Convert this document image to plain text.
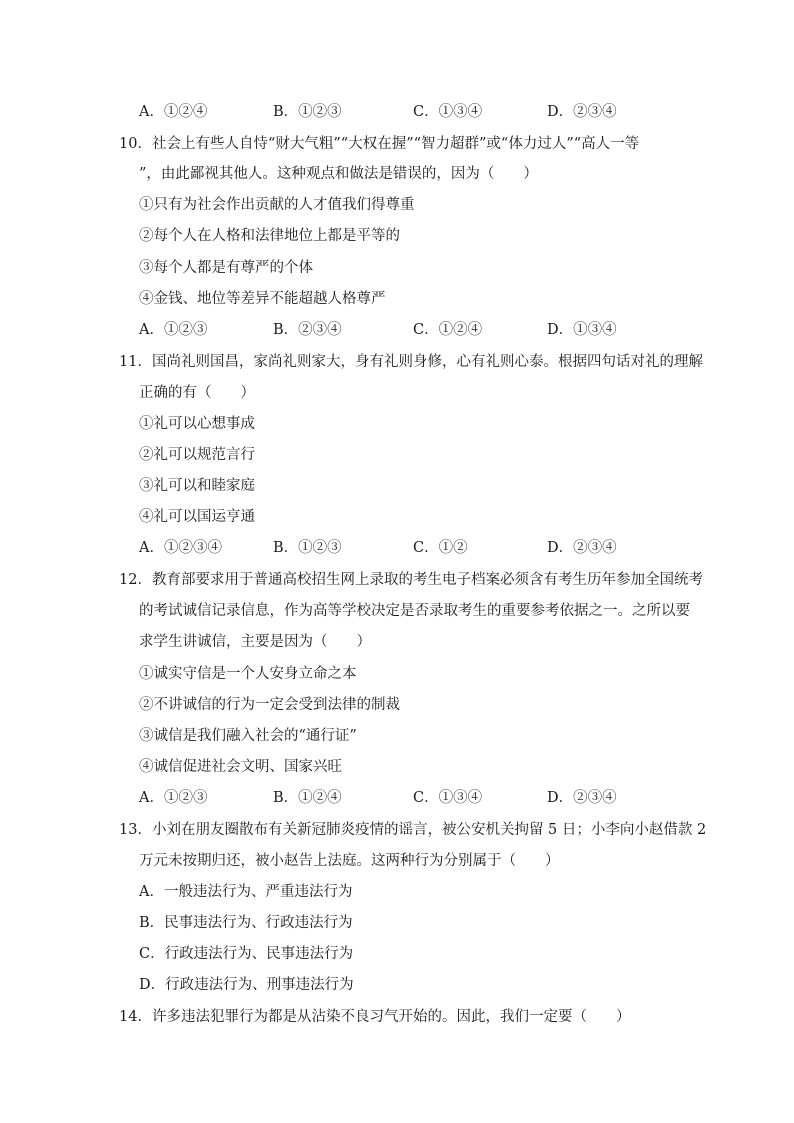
A．①②④	B．①②③	C．①③④	D．②③④
10．社会上有些人自恃“财大气粗”“大权在握”“智力超群”或“体力过人”“高人一等
”，由此鄙视其他人。这种观点和做法是错误的，因为（　　）
①只有为社会作出贡献的人才值我们得尊重
②每个人在人格和法律地位上都是平等的
③每个人都是有尊严的个体
④金钱、地位等差异不能超越人格尊严
A．①②③	B．②③④	C．①②④	D．①③④
11．国尚礼则国昌，家尚礼则家大，身有礼则身修，心有礼则心泰。根据四句话对礼的理解
正确的有（　　）
①礼可以心想事成
②礼可以规范言行
③礼可以和睦家庭
④礼可以国运亨通
A．①②③④	B．①②③	C．①②	D．②③④
12．教育部要求用于普通高校招生网上录取的考生电子档案必须含有考生历年参加全国统考
的考试诚信记录信息，作为高等学校决定是否录取考生的重要参考依据之一。之所以要
求学生讲诚信，主要是因为（　　）
①诚实守信是一个人安身立命之本
②不讲诚信的行为一定会受到法律的制裁
③诚信是我们融入社会的“通行证”
④诚信促进社会文明、国家兴旺
A．①②③	B．①②④	C．①③④	D．②③④
13．小刘在朋友圈散布有关新冠肺炎疫情的谣言，被公安机关拘留 5 日；小李向小赵借款 2
万元未按期归还，被小赵告上法庭。这两种行为分别属于（　　）
A．一般违法行为、严重违法行为
B．民事违法行为、行政违法行为
C．行政违法行为、民事违法行为
D．行政违法行为、刑事违法行为
14．许多违法犯罪行为都是从沾染不良习气开始的。因此，我们一定要（　　）
